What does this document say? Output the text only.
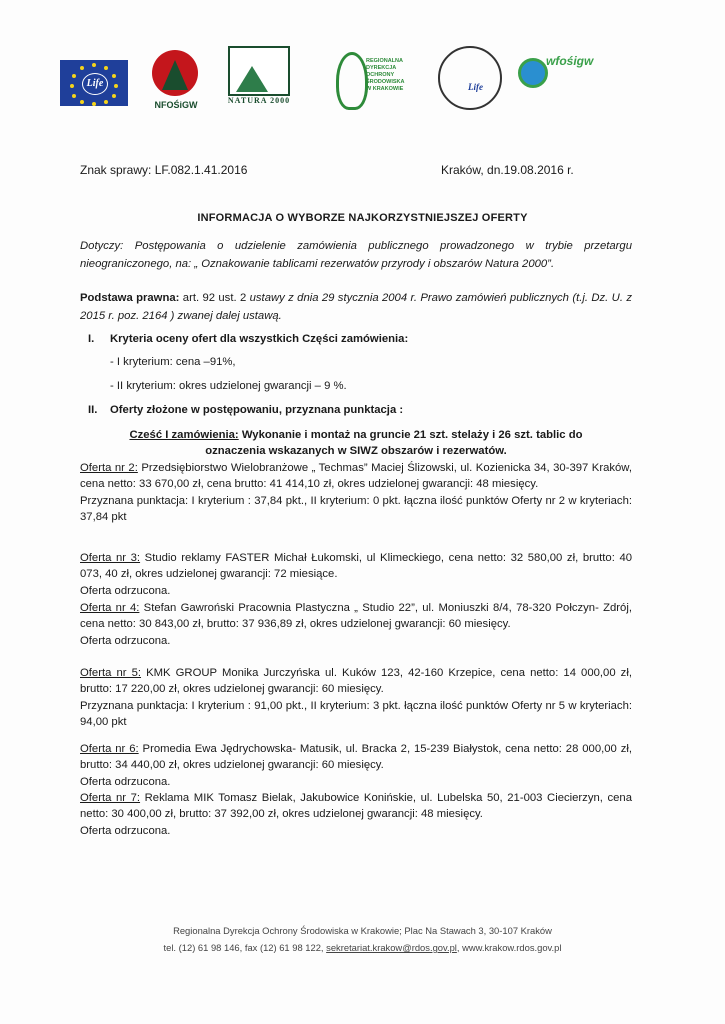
Life
NFOŚiGW	NATURA 2000
REGIONALNA
DYREKCJA
OCHRONY
ŚRODOWISKA
W KRAKOWIE	Life
wfośigw
Znak sprawy: LF.082.1.41.2016	Kraków, dn.19.08.2016 r.
INFORMACJA O WYBORZE NAJKORZYSTNIEJSZEJ OFERTY
Dotyczy: Postępowania o udzielenie zamówienia publicznego prowadzonego w trybie przetargu nieograniczonego, na: „ Oznakowanie tablicami rezerwatów przyrody i obszarów Natura 2000”.
Podstawa prawna: art. 92 ust. 2 ustawy z dnia 29 stycznia 2004 r. Prawo zamówień publicznych (t.j. Dz. U. z 2015 r. poz. 2164 ) zwanej dalej ustawą.
I. Kryteria oceny ofert dla wszystkich Części zamówienia:
- I kryterium: cena –91%,
- II kryterium: okres udzielonej gwarancji – 9 %.
II. Oferty złożone w postępowaniu, przyznana punktacja :
Cześć I zamówienia: Wykonanie i montaż na gruncie 21 szt. stelaży i 26 szt. tablic do
oznaczenia wskazanych w SIWZ obszarów i rezerwatów.
Oferta nr 2: Przedsiębiorstwo Wielobranżowe „ Techmas” Maciej Ślizowski, ul. Kozienicka 34, 30-397 Kraków, cena netto: 33 670,00 zł, cena brutto: 41 414,10 zł, okres udzielonej gwarancji: 48 miesięcy.
Przyznana punktacja: I kryterium : 37,84 pkt., II kryterium: 0 pkt. łączna ilość punktów Oferty nr 2 w kryteriach: 37,84 pkt
Oferta nr 3: Studio reklamy FASTER Michał Łukomski, ul Klimeckiego, cena netto: 32 580,00 zł, brutto: 40 073, 40 zł, okres udzielonej gwarancji: 72 miesiące.
Oferta odrzucona.
Oferta nr 4: Stefan Gawroński Pracownia Plastyczna „ Studio 22”, ul. Moniuszki 8/4, 78-320 Połczyn- Zdrój, cena netto: 30 843,00 zł, brutto: 37 936,89 zł, okres udzielonej gwarancji: 60 miesięcy.
Oferta odrzucona.
Oferta nr 5: KMK GROUP Monika Jurczyńska ul. Kuków 123, 42-160 Krzepice, cena netto: 14 000,00 zł, brutto: 17 220,00 zł, okres udzielonej gwarancji: 60 miesięcy.
Przyznana punktacja: I kryterium : 91,00 pkt., II kryterium: 3 pkt. łączna ilość punktów Oferty nr 5 w kryteriach: 94,00 pkt
Oferta nr 6: Promedia Ewa Jędrychowska- Matusik, ul. Bracka 2, 15-239 Białystok, cena netto: 28 000,00 zł, brutto: 34 440,00 zł, okres udzielonej gwarancji: 60 miesięcy.
Oferta odrzucona.
Oferta nr 7: Reklama MIK Tomasz Bielak, Jakubowice Konińskie, ul. Lubelska 50, 21-003 Ciecierzyn, cena netto: 30 400,00 zł, brutto: 37 392,00 zł, okres udzielonej gwarancji: 48 miesięcy.
Oferta odrzucona.
Regionalna Dyrekcja Ochrony Środowiska w Krakowie; Plac Na Stawach 3, 30-107 Kraków
tel. (12) 61 98 146, fax (12) 61 98 122, sekretariat.krakow@rdos.gov.pl, www.krakow.rdos.gov.pl
